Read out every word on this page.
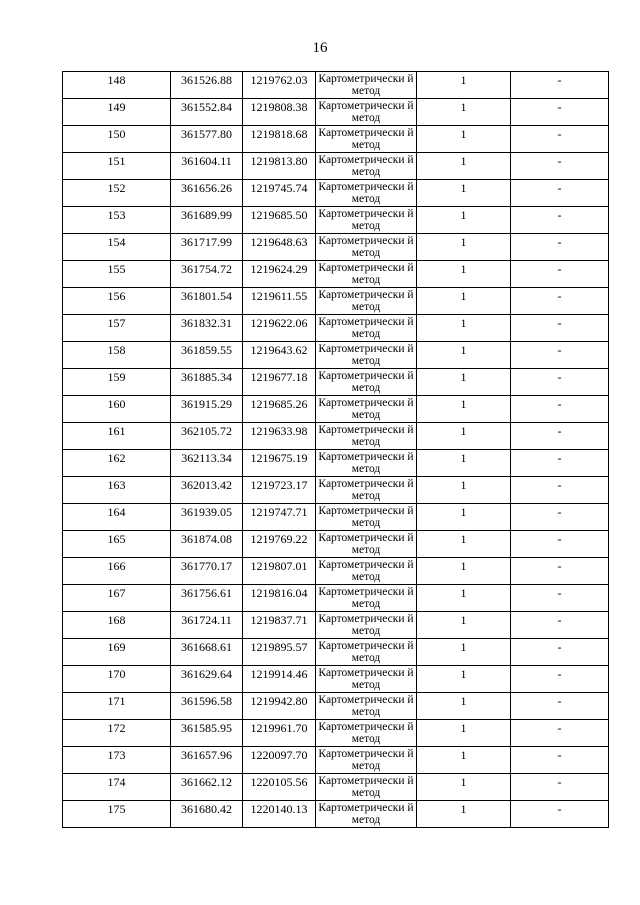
16
148	361526.88	1219762.03	Картометрически й метод	1	-
149	361552.84	1219808.38	Картометрически й метод	1	-
150	361577.80	1219818.68	Картометрически й метод	1	-
151	361604.11	1219813.80	Картометрически й метод	1	-
152	361656.26	1219745.74	Картометрически й метод	1	-
153	361689.99	1219685.50	Картометрически й метод	1	-
154	361717.99	1219648.63	Картометрически й метод	1	-
155	361754.72	1219624.29	Картометрически й метод	1	-
156	361801.54	1219611.55	Картометрически й метод	1	-
157	361832.31	1219622.06	Картометрически й метод	1	-
158	361859.55	1219643.62	Картометрически й метод	1	-
159	361885.34	1219677.18	Картометрически й метод	1	-
160	361915.29	1219685.26	Картометрически й метод	1	-
161	362105.72	1219633.98	Картометрически й метод	1	-
162	362113.34	1219675.19	Картометрически й метод	1	-
163	362013.42	1219723.17	Картометрически й метод	1	-
164	361939.05	1219747.71	Картометрически й метод	1	-
165	361874.08	1219769.22	Картометрически й метод	1	-
166	361770.17	1219807.01	Картометрически й метод	1	-
167	361756.61	1219816.04	Картометрически й метод	1	-
168	361724.11	1219837.71	Картометрически й метод	1	-
169	361668.61	1219895.57	Картометрически й метод	1	-
170	361629.64	1219914.46	Картометрически й метод	1	-
171	361596.58	1219942.80	Картометрически й метод	1	-
172	361585.95	1219961.70	Картометрически й метод	1	-
173	361657.96	1220097.70	Картометрически й метод	1	-
174	361662.12	1220105.56	Картометрически й метод	1	-
175	361680.42	1220140.13	Картометрически й метод	1	-
